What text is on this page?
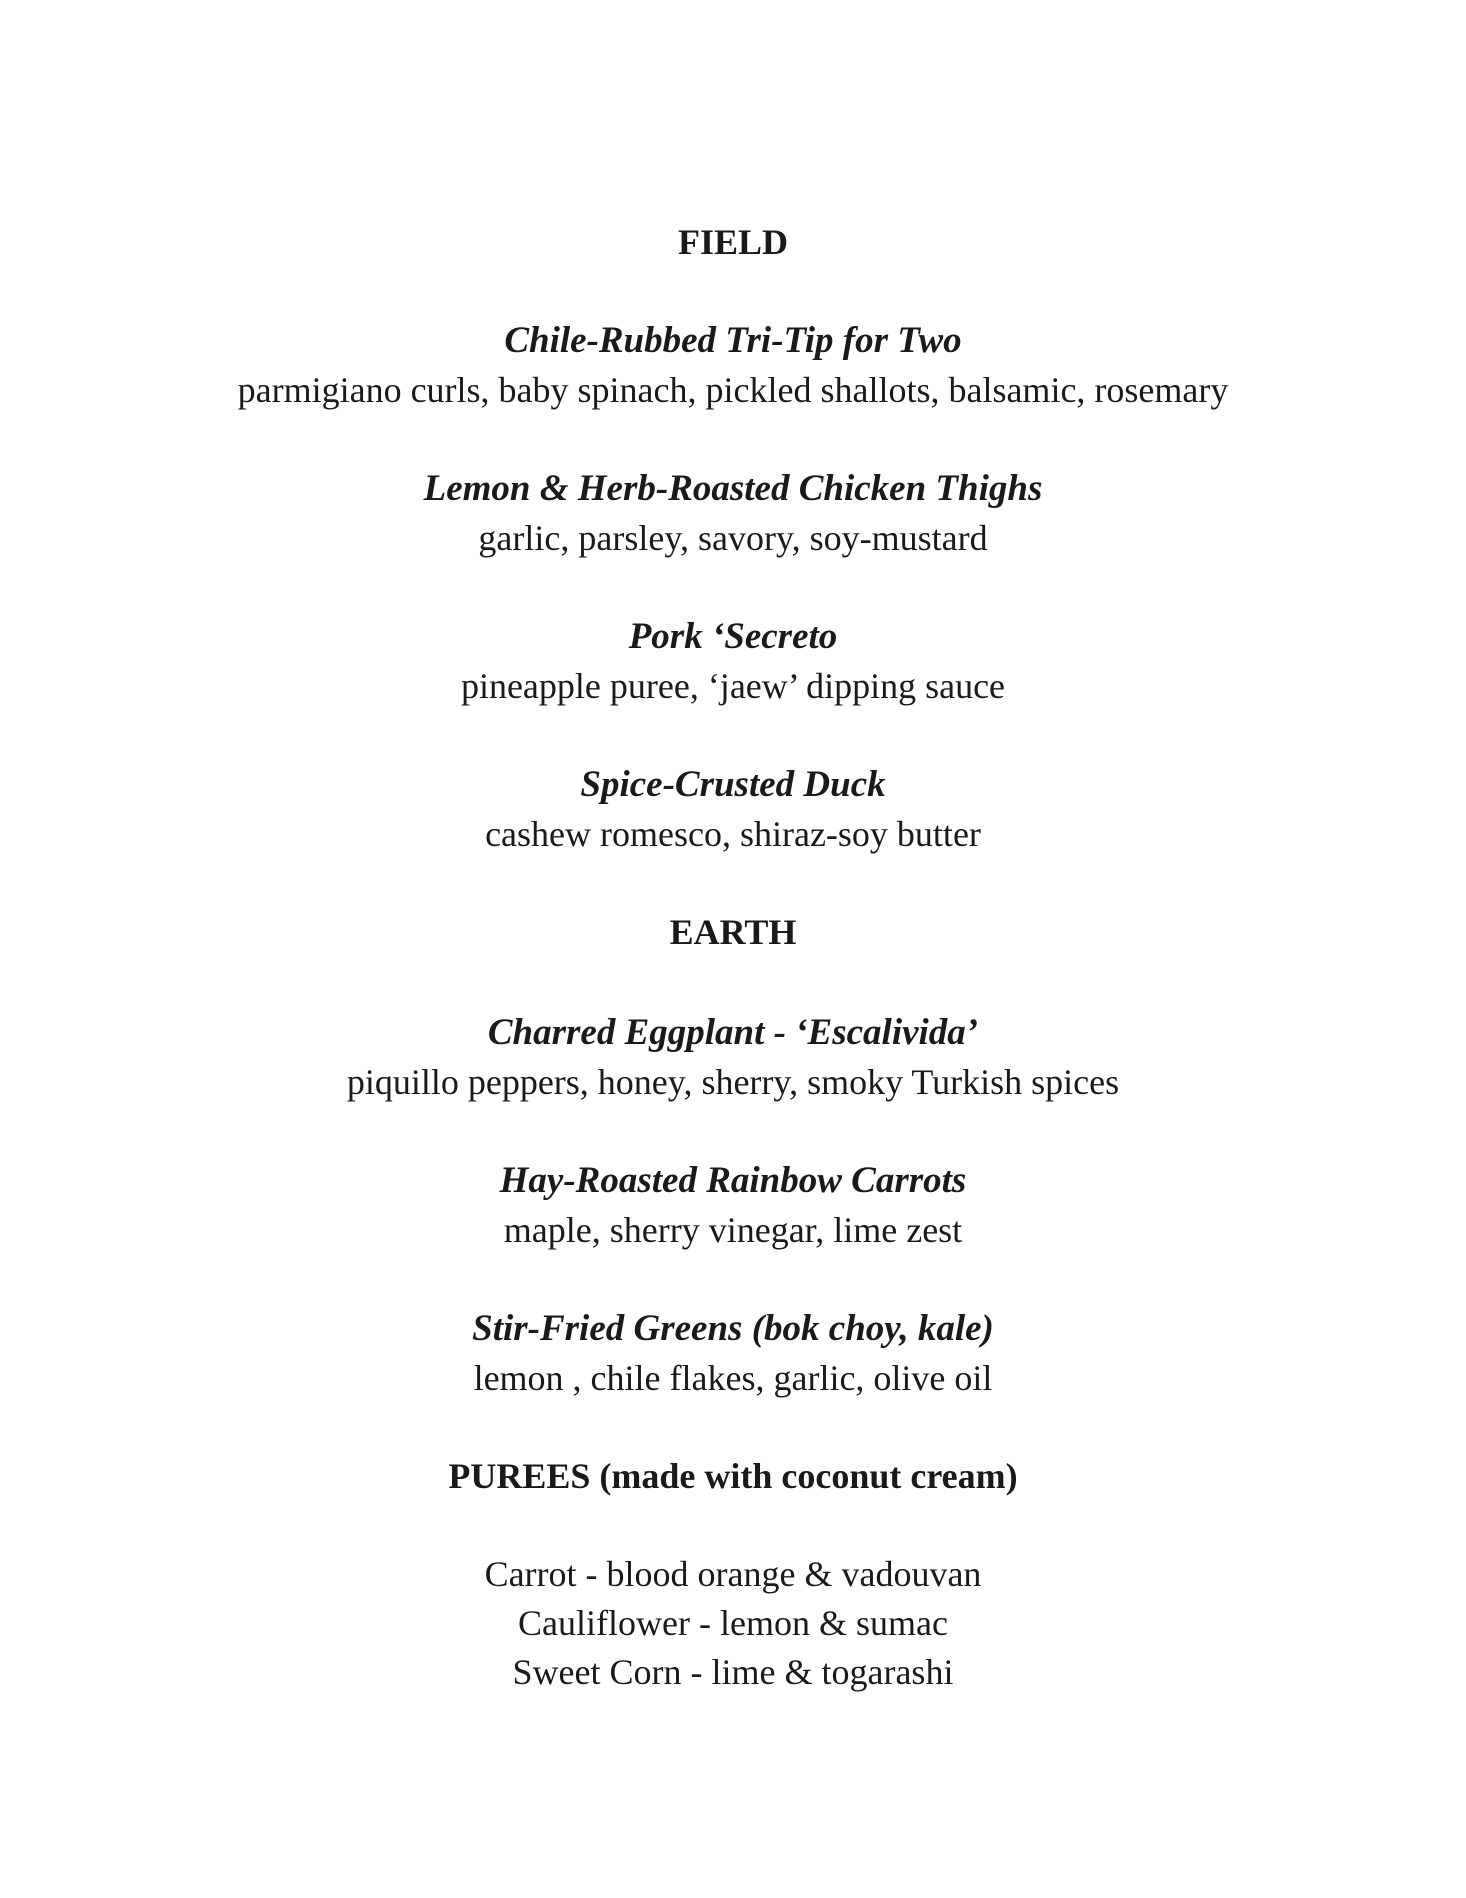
FIELD
Chile-Rubbed Tri-Tip for Two
parmigiano curls, baby spinach, pickled shallots, balsamic, rosemary
Lemon & Herb-Roasted Chicken Thighs
garlic, parsley, savory, soy-mustard
Pork ‘Secreto
pineapple puree, ‘jaew’ dipping sauce
Spice-Crusted Duck
cashew romesco, shiraz-soy butter
EARTH
Charred Eggplant - ‘Escalivida’
piquillo peppers, honey, sherry, smoky Turkish spices
Hay-Roasted Rainbow Carrots
maple, sherry vinegar, lime zest
Stir-Fried Greens (bok choy, kale)
lemon , chile flakes, garlic, olive oil
PUREES (made with coconut cream)
Carrot - blood orange & vadouvan
Cauliflower - lemon & sumac
Sweet Corn - lime & togarashi
